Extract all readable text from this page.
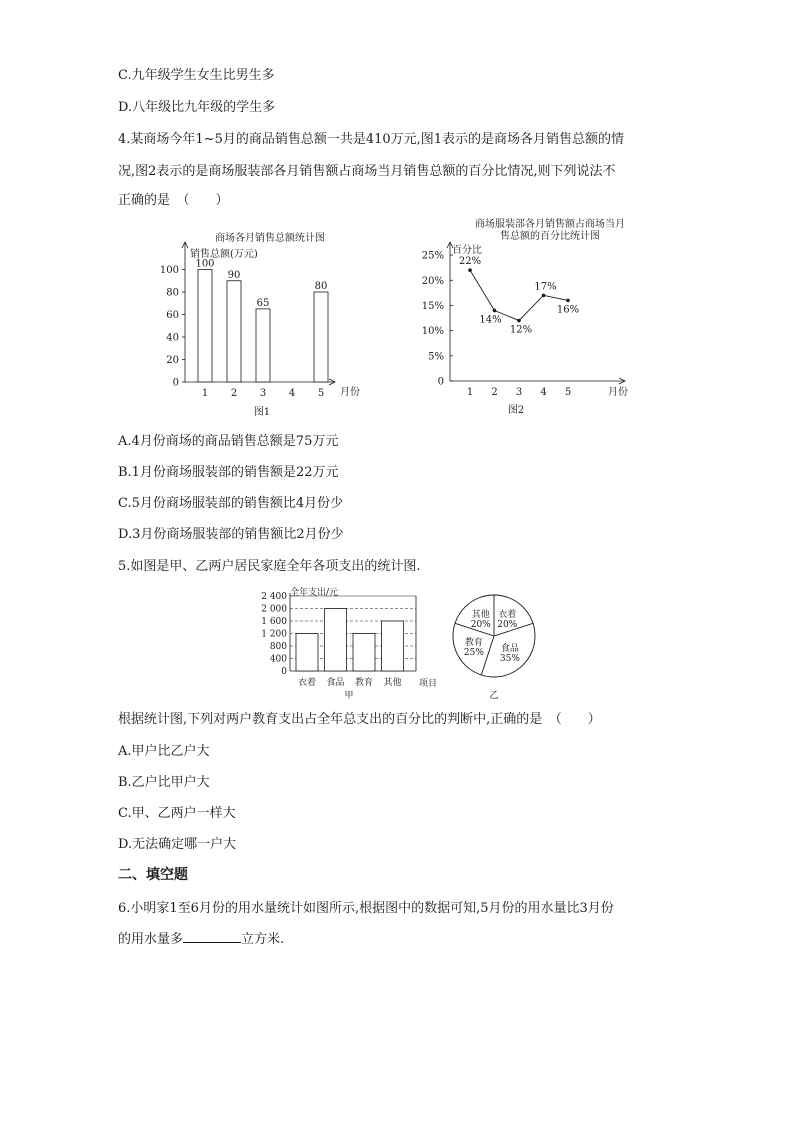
C.九年级学生女生比男生多
D.八年级比九年级的学生多
4.某商场今年1~5月的商品销售总额一共是410万元,图1表示的是商场各月销售总额的情
况,图2表示的是商场服装部各月销售额占商场当月销售总额的百分比情况,则下列说法不
正确的是　（　　）
商场各月销售总额统计图
销售总额(万元)
月份
图1
0
20
40
60
80
100
1
100
2
90
3
65
4 5
80
商场服装部各月销售额占商场当月
售总额的百分比统计图
百分比
月份
图2
0
5%
10%
15%
20%
25%
1 2 3 4 5
22%
14%
12%
17%
16%
A.4月份商场的商品销售总额是75万元
B.1月份商场服装部的销售额是22万元
C.5月份商场服装部的销售额比4月份少
D.3月份商场服装部的销售额比2月份少
5.如图是甲、乙两户居民家庭全年各项支出的统计图.
全年支出/元
项目
甲
0
400
800
1 200
1 600
2 000
2 400
衣着 食品 教育 其他
乙
衣着
20%
食品
35%
教育
25%
其他
20%
根据统计图,下列对两户教育支出占全年总支出的百分比的判断中,正确的是　（　　）
A.甲户比乙户大
B.乙户比甲户大
C.甲、乙两户一样大
D.无法确定哪一户大
二、填空题
6.小明家1至6月份的用水量统计如图所示,根据图中的数据可知,5月份的用水量比3月份
的用水量多	立方米.
